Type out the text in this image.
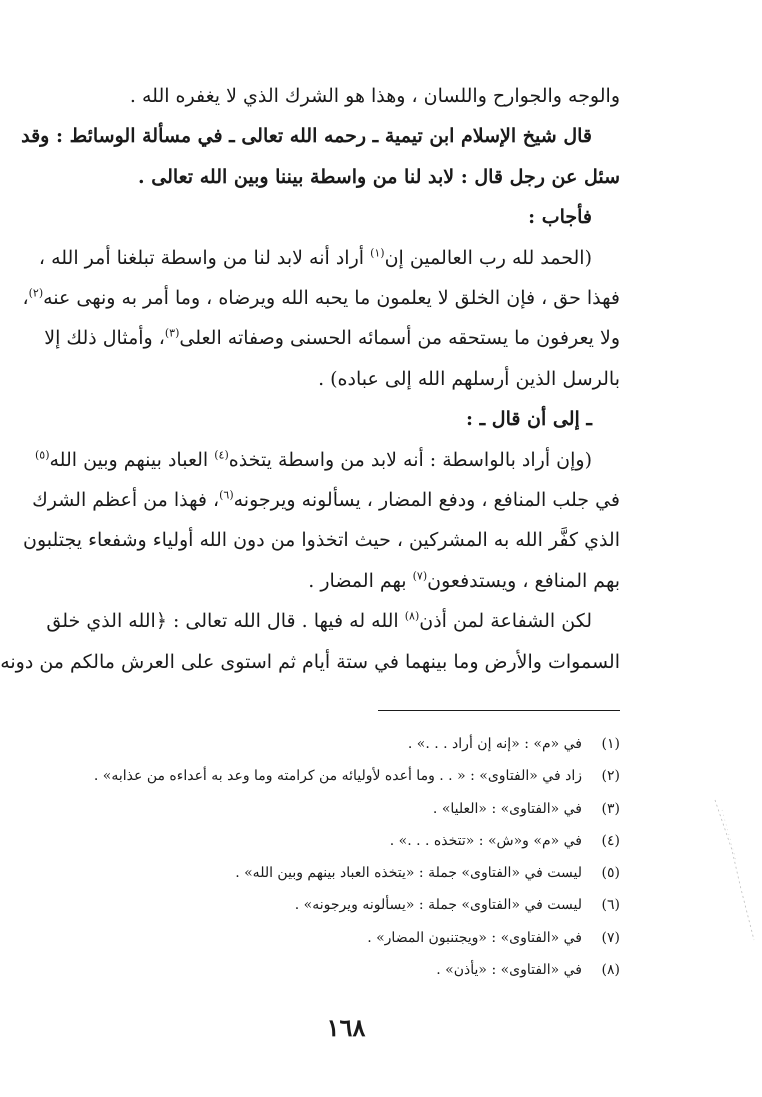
والوجه والجوارح واللسان ، وهذا هو الشرك الذي لا يغفره الله .
قال شيخ الإسلام ابن تيمية ـ رحمه الله تعالى ـ في مسألة الوسائط : وقد
سئل عن رجل قال : لابد لنا من واسطة بيننا وبين الله تعالى .
فأجاب :
(الحمد لله رب العالمين إن$^{(١)}$ أراد أنه لابد لنا من واسطة تبلغنا أمر الله ،
فهذا حق ، فإن الخلق لا يعلمون ما يحبه الله ويرضاه ، وما أمر به ونهى عنه$^{(٢)}$،
ولا يعرفون ما يستحقه من أسمائه الحسنى وصفاته العلى$^{(٣)}$، وأمثال ذلك إلا
بالرسل الذين أرسلهم الله إلى عباده) .
ـ إلى أن قال ـ :
(وإن أراد بالواسطة : أنه لابد من واسطة يتخذه$^{(٤)}$ العباد بينهم وبين الله$^{(٥)}$
في جلب المنافع ، ودفع المضار ، يسألونه ويرجونه$^{(٦)}$، فهذا من أعظم الشرك
الذي كفَّر الله به المشركين ، حيث اتخذوا من دون الله أولياء وشفعاء يجتلبون
بهم المنافع ، ويستدفعون$^{(٧)}$ بهم المضار .
لكن الشفاعة لمن أذن$^{(٨)}$ الله له فيها . قال الله تعالى : ﴿الله الذي خلق
السموات والأرض وما بينهما في ستة أيام ثم استوى على العرش مالكم من دونه
(١)
في «م» : «إنه إن أراد . . .» .
(٢)
زاد في «الفتاوى» : « . . وما أعده لأوليائه من كرامته وما وعد به أعداءه من عذابه» .
(٣)
في «الفتاوى» : «العليا» .
(٤)
في «م» و«ش» : «تتخذه . . .» .
(٥)
ليست في «الفتاوى» جملة : «يتخذه العباد بينهم وبين الله» .
(٦)
ليست في «الفتاوى» جملة : «يسألونه ويرجونه» .
(٧)
في «الفتاوى» : «ويجتنبون المضار» .
(٨)
في «الفتاوى» : «يأذن» .
١٦٨
